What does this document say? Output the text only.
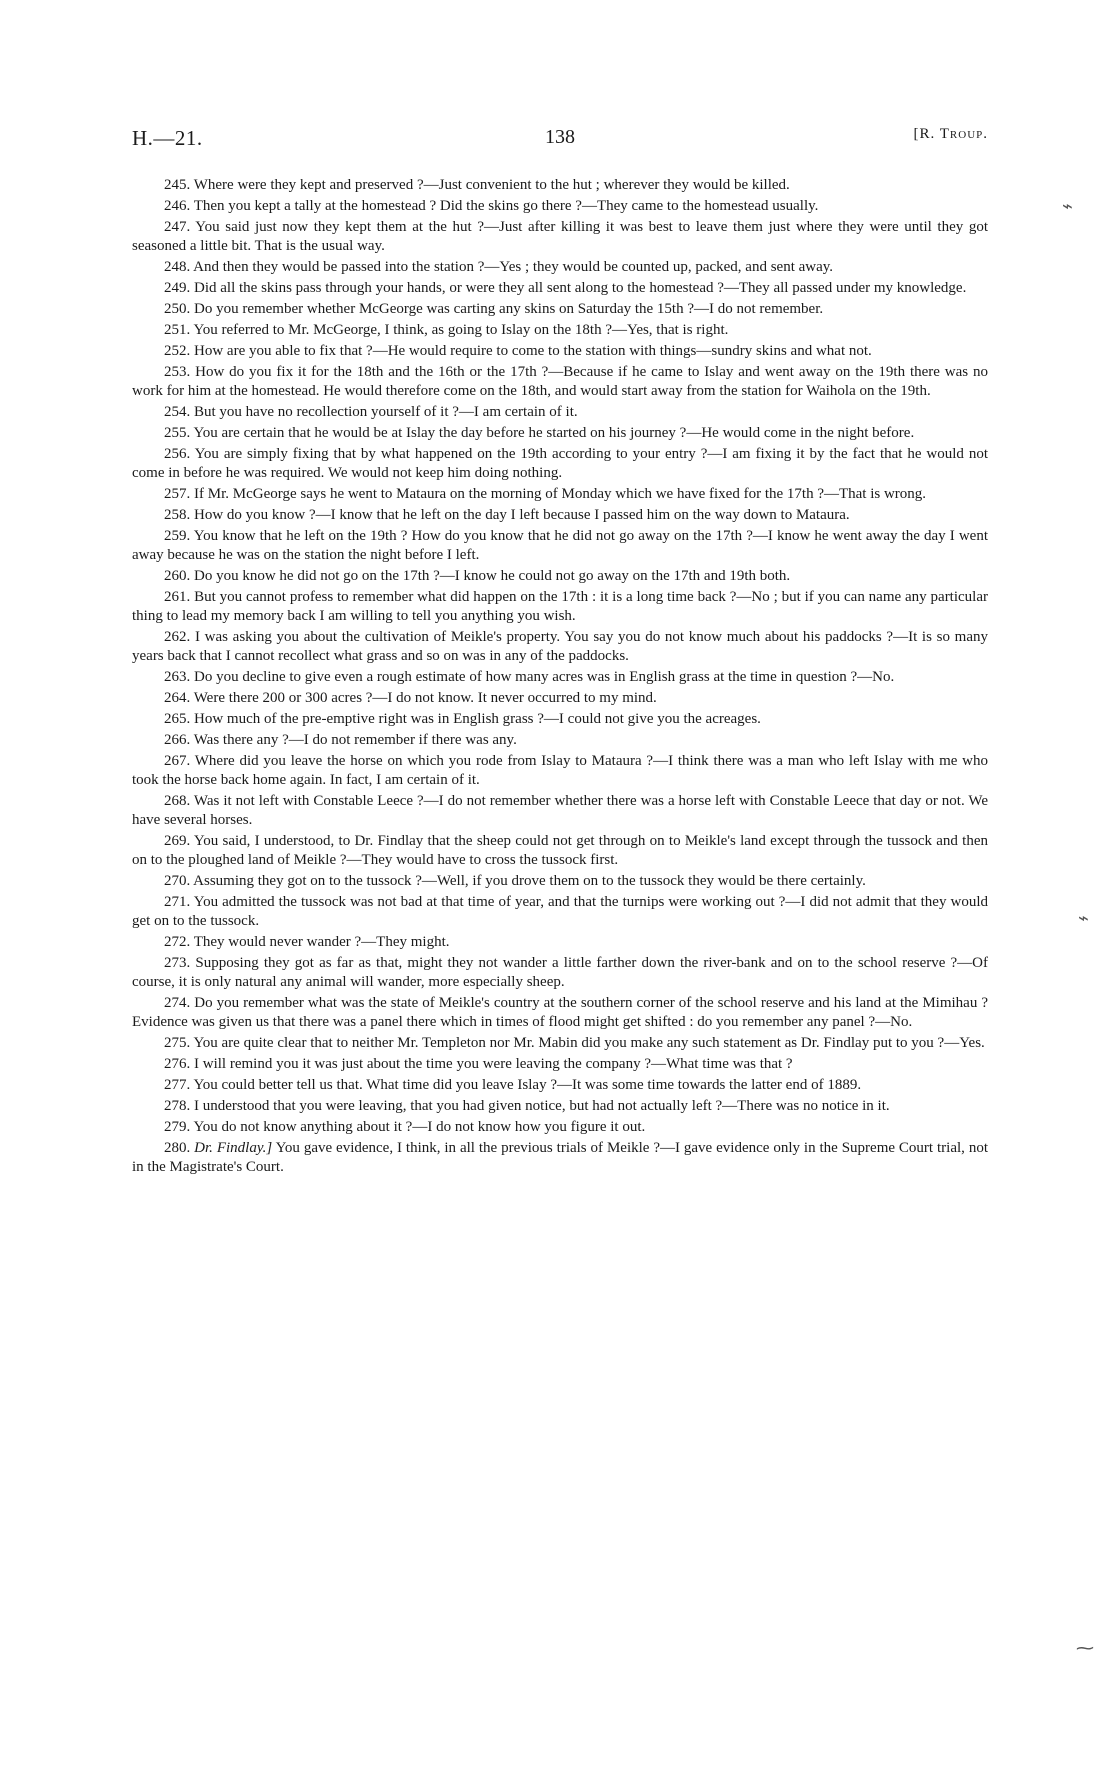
H.—21.	138	[R. Troup.

245. Where were they kept and preserved ?—Just convenient to the hut ; wherever they would be killed.

246. Then you kept a tally at the homestead ? Did the skins go there ?—They came to the homestead usually.

247. You said just now they kept them at the hut ?—Just after killing it was best to leave them just where they were until they got seasoned a little bit. That is the usual way.

248. And then they would be passed into the station ?—Yes ; they would be counted up, packed, and sent away.

249. Did all the skins pass through your hands, or were they all sent along to the homestead ?—They all passed under my knowledge.

250. Do you remember whether McGeorge was carting any skins on Saturday the 15th ?—I do not remember.

251. You referred to Mr. McGeorge, I think, as going to Islay on the 18th ?—Yes, that is right.

252. How are you able to fix that ?—He would require to come to the station with things—sundry skins and what not.

253. How do you fix it for the 18th and the 16th or the 17th ?—Because if he came to Islay and went away on the 19th there was no work for him at the homestead. He would therefore come on the 18th, and would start away from the station for Waihola on the 19th.

254. But you have no recollection yourself of it ?—I am certain of it.

255. You are certain that he would be at Islay the day before he started on his journey ?—He would come in the night before.

256. You are simply fixing that by what happened on the 19th according to your entry ?—I am fixing it by the fact that he would not come in before he was required. We would not keep him doing nothing.

257. If Mr. McGeorge says he went to Mataura on the morning of Monday which we have fixed for the 17th ?—That is wrong.

258. How do you know ?—I know that he left on the day I left because I passed him on the way down to Mataura.

259. You know that he left on the 19th ? How do you know that he did not go away on the 17th ?—I know he went away the day I went away because he was on the station the night before I left.

260. Do you know he did not go on the 17th ?—I know he could not go away on the 17th and 19th both.

261. But you cannot profess to remember what did happen on the 17th : it is a long time back ?—No ; but if you can name any particular thing to lead my memory back I am willing to tell you anything you wish.

262. I was asking you about the cultivation of Meikle's property. You say you do not know much about his paddocks ?—It is so many years back that I cannot recollect what grass and so on was in any of the paddocks.

263. Do you decline to give even a rough estimate of how many acres was in English grass at the time in question ?—No.

264. Were there 200 or 300 acres ?—I do not know. It never occurred to my mind.

265. How much of the pre-emptive right was in English grass ?—I could not give you the acreages.

266. Was there any ?—I do not remember if there was any.

267. Where did you leave the horse on which you rode from Islay to Mataura ?—I think there was a man who left Islay with me who took the horse back home again. In fact, I am certain of it.

268. Was it not left with Constable Leece ?—I do not remember whether there was a horse left with Constable Leece that day or not. We have several horses.

269. You said, I understood, to Dr. Findlay that the sheep could not get through on to Meikle's land except through the tussock and then on to the ploughed land of Meikle ?—They would have to cross the tussock first.

270. Assuming they got on to the tussock ?—Well, if you drove them on to the tussock they would be there certainly.

271. You admitted the tussock was not bad at that time of year, and that the turnips were working out ?—I did not admit that they would get on to the tussock.

272. They would never wander ?—They might.

273. Supposing they got as far as that, might they not wander a little farther down the river-bank and on to the school reserve ?—Of course, it is only natural any animal will wander, more especially sheep.

274. Do you remember what was the state of Meikle's country at the southern corner of the school reserve and his land at the Mimihau ? Evidence was given us that there was a panel there which in times of flood might get shifted : do you remember any panel ?—No.

275. You are quite clear that to neither Mr. Templeton nor Mr. Mabin did you make any such statement as Dr. Findlay put to you ?—Yes.

276. I will remind you it was just about the time you were leaving the company ?—What time was that ?

277. You could better tell us that. What time did you leave Islay ?—It was some time towards the latter end of 1889.

278. I understood that you were leaving, that you had given notice, but had not actually left ?—There was no notice in it.

279. You do not know anything about it ?—I do not know how you figure it out.

280. Dr. Findlay.] You gave evidence, I think, in all the previous trials of Meikle ?—I gave evidence only in the Supreme Court trial, not in the Magistrate's Court.

⌁
⌁
⁓
